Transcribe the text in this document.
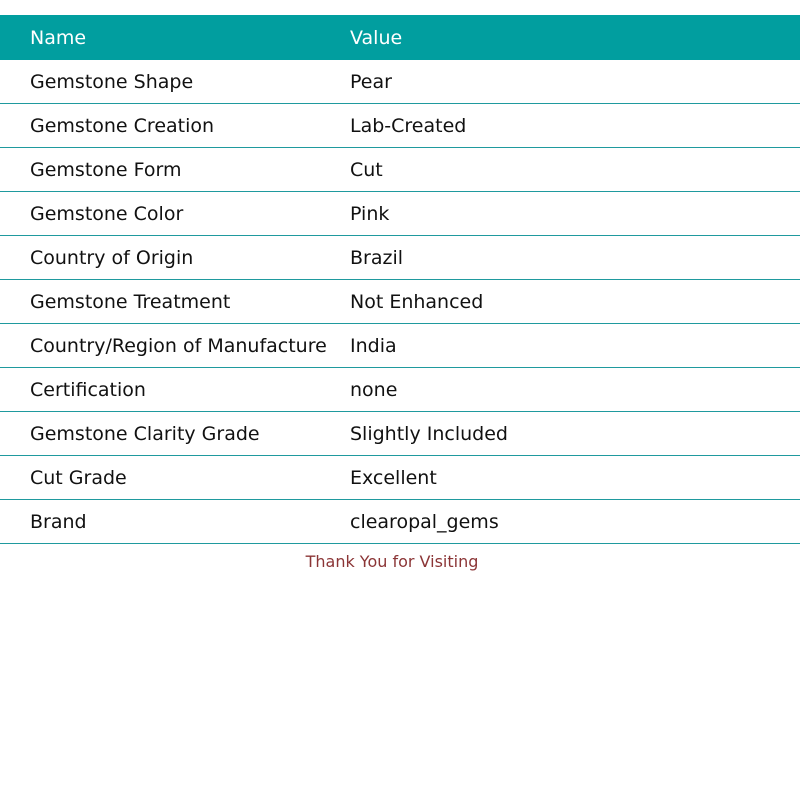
Name	Value
Gemstone Shape	Pear
Gemstone Creation	Lab-Created
Gemstone Form	Cut
Gemstone Color	Pink
Country of Origin	Brazil
Gemstone Treatment	Not Enhanced
Country/Region of Manufacture	India
Certification	none
Gemstone Clarity Grade	Slightly Included
Cut Grade	Excellent
Brand	clearopal_gems
Thank You for Visiting
